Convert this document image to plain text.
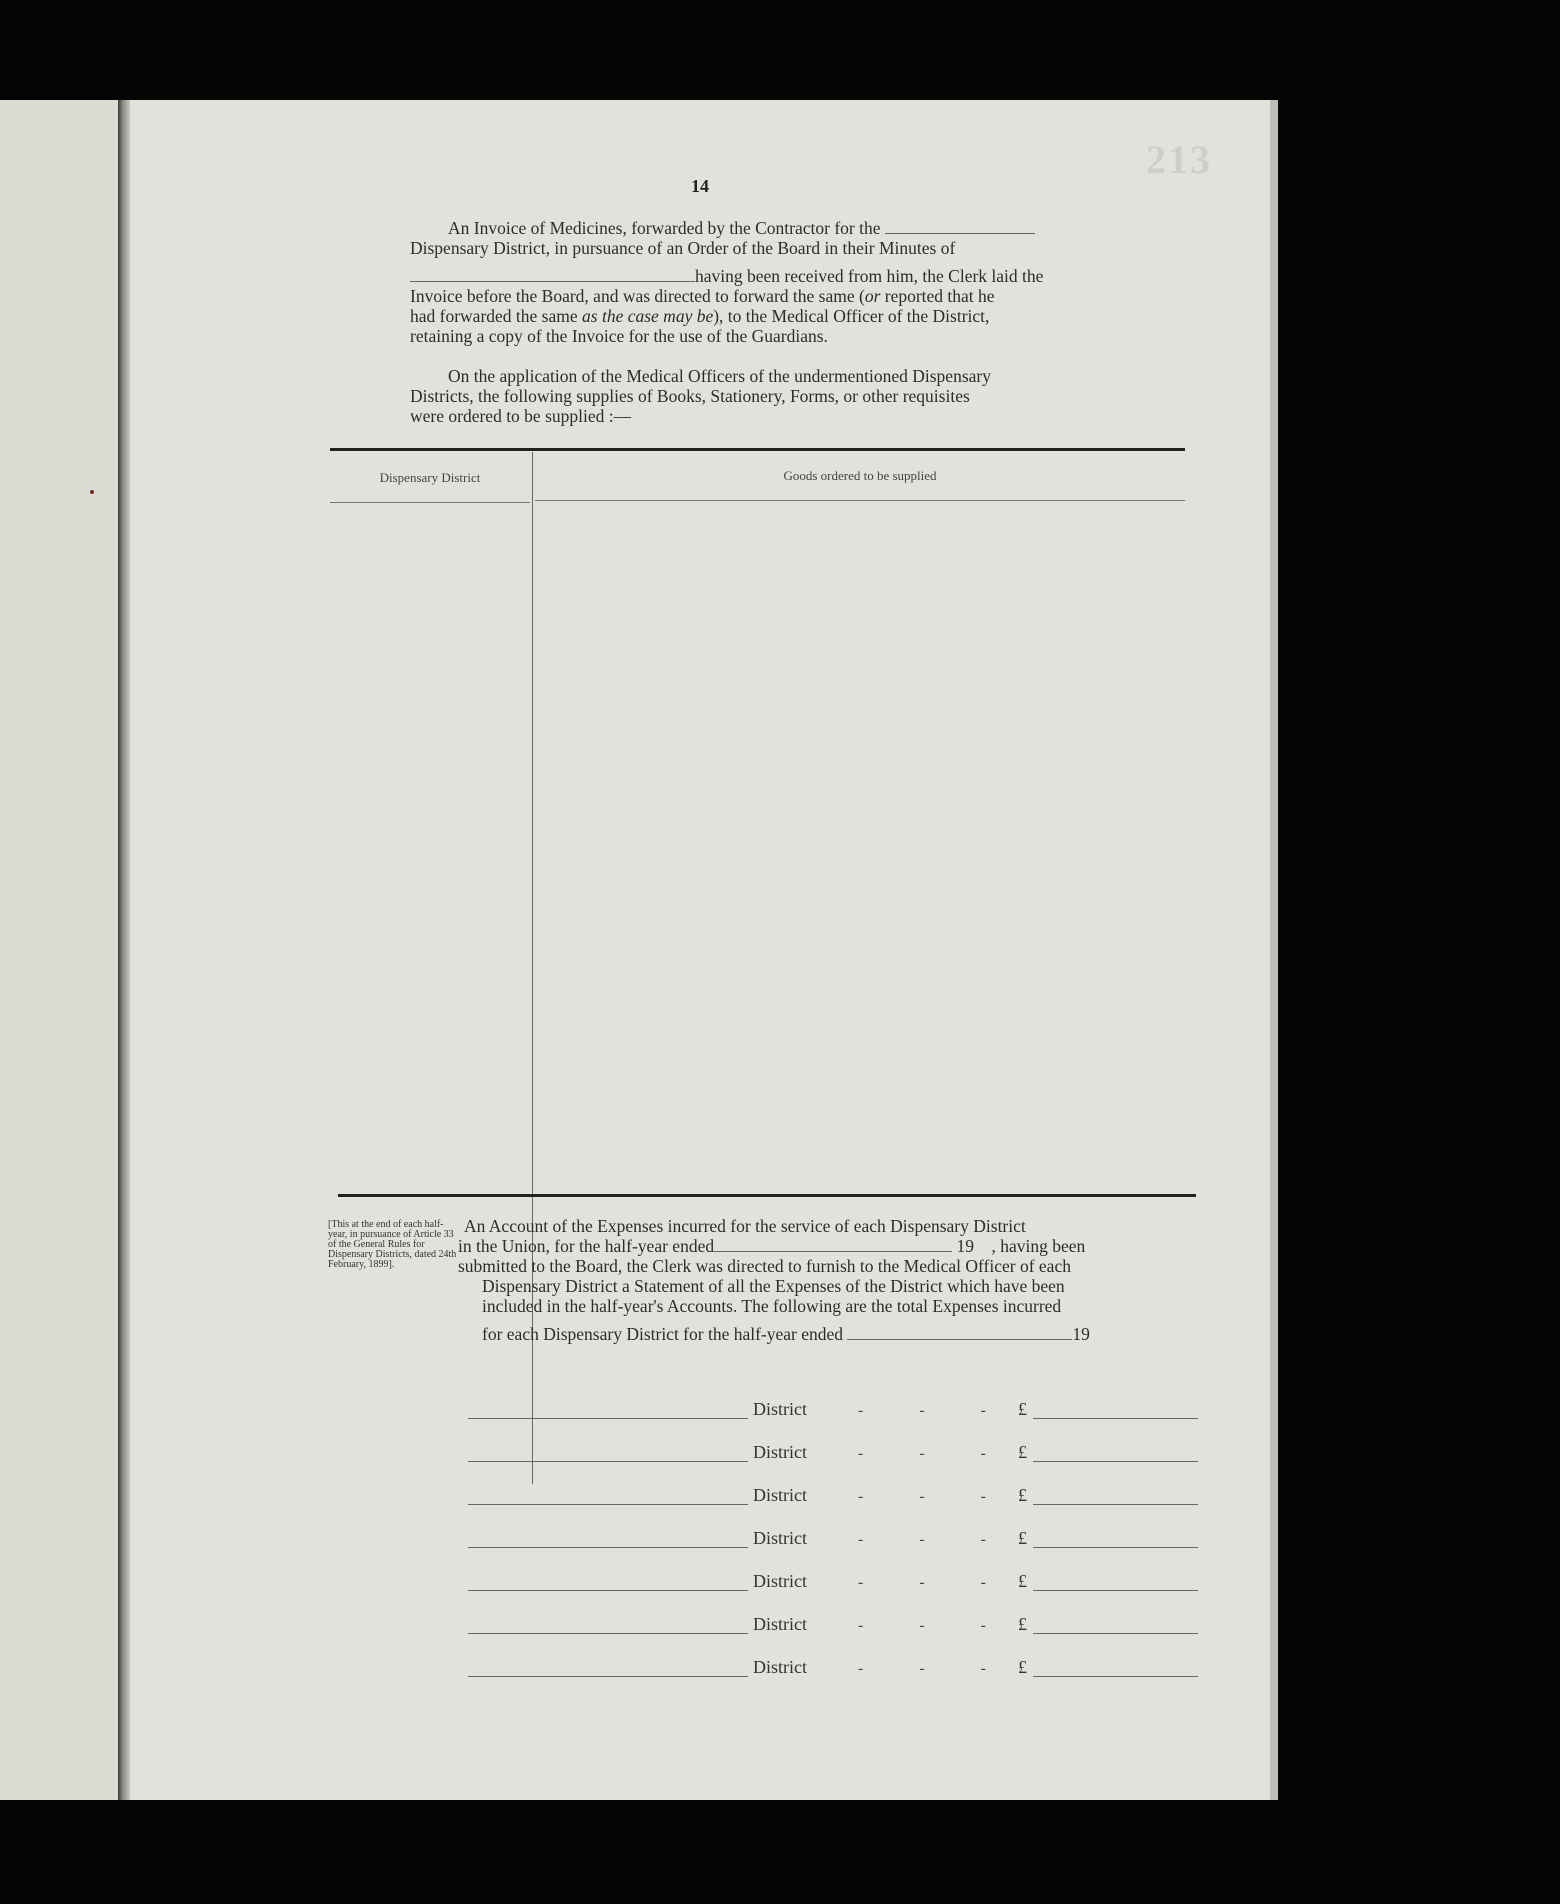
213
14
An Invoice of Medicines, forwarded by the Contractor for the
Dispensary District, in pursuance of an Order of the Board in their Minutes of
having been received from him, the Clerk laid the
Invoice before the Board, and was directed to forward the same (or reported that he
had forwarded the same as the case may be), to the Medical Officer of the District,
retaining a copy of the Invoice for the use of the Guardians.
On the application of the Medical Officers of the undermentioned Dispensary
Districts, the following supplies of Books, Stationery, Forms, or other requisites
were ordered to be supplied :—
Dispensary District	Goods ordered to be supplied
[This at the end of each half-year, in pursuance of Article 33 of the General Rules for Dispensary Districts, dated 24th February, 1899].
An Account of the Expenses incurred for the service of each Dispensary District
in the Union, for the half-year ended	19 , having been
submitted to the Board, the Clerk was directed to furnish to the Medical Officer of each
Dispensary District a Statement of all the Expenses of the District which have been
included in the half-year's Accounts. The following are the total Expenses incurred
for each Dispensary District for the half-year ended	19
District	- - - £
District	- - - £
District	- - - £
District	- - - £
District	- - - £
District	- - - £
District	- - - £
